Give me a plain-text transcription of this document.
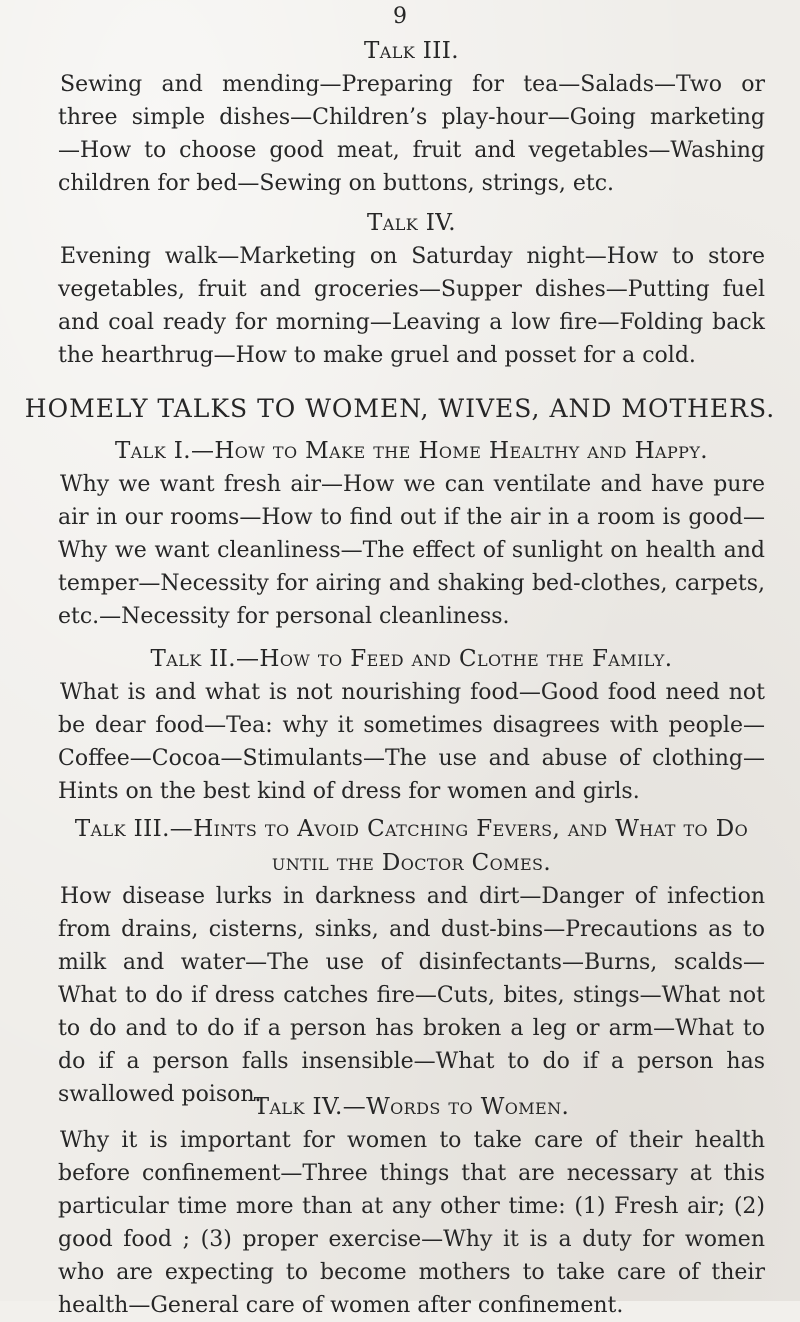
9
Talk III.
Sewing and mending—Preparing for tea—Salads—Two or three simple dishes—Children’s play-hour—Going marketing —How to choose good meat, fruit and vegetables—Washing children for bed—Sewing on buttons, strings, etc.
Talk IV.
Evening walk—Marketing on Saturday night—How to store vegetables, fruit and groceries—Supper dishes—Putting fuel and coal ready for morning—Leaving a low fire—Folding back the hearthrug—How to make gruel and posset for a cold.
HOMELY TALKS TO WOMEN, WIVES, AND MOTHERS.
Talk I.—How to Make the Home Healthy and Happy.
Why we want fresh air—How we can ventilate and have pure air in our rooms—How to find out if the air in a room is good—Why we want cleanliness—The effect of sunlight on health and temper—Necessity for airing and shaking bed-clothes, carpets, etc.—Necessity for personal cleanliness.
Talk II.—How to Feed and Clothe the Family.
What is and what is not nourishing food—Good food need not be dear food—Tea: why it sometimes disagrees with people—Coffee—Cocoa—Stimulants—The use and abuse of clothing—Hints on the best kind of dress for women and girls.
Talk III.—Hints to Avoid Catching Fevers, and What to Do until the Doctor Comes.
How disease lurks in darkness and dirt—Danger of infection from drains, cisterns, sinks, and dust-bins—Precautions as to milk and water—The use of disinfectants—Burns, scalds—What to do if dress catches fire—Cuts, bites, stings—What not to do and to do if a person has broken a leg or arm—What to do if a person falls insensible—What to do if a person has swallowed poison.
Talk IV.—Words to Women.
Why it is important for women to take care of their health before confinement—Three things that are necessary at this particular time more than at any other time: (1) Fresh air; (2) good food ; (3) proper exercise—Why it is a duty for women who are expecting to become mothers to take care of their health—General care of women after confinement.
